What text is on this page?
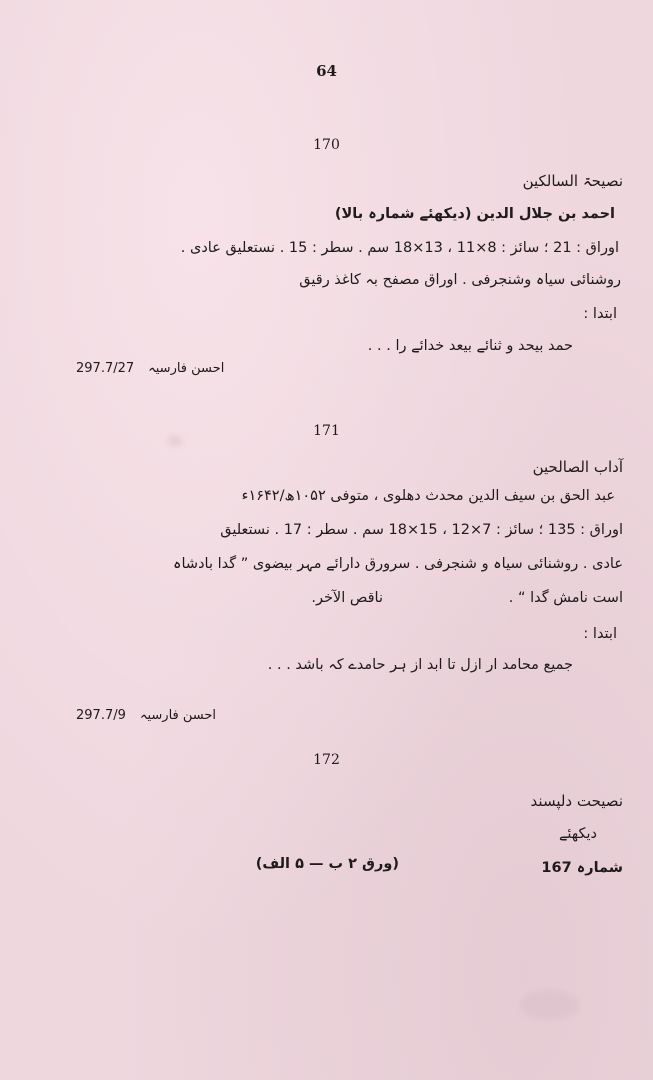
64
170
نصیحۃ السالکین
احمد بن جلال الدین (دیکھئے شمارہ بالا)
اوراق : 21 ؛ سائز : 8×11 ، 13×18 سم . سطر : 15 . نستعلیق عادی .
روشنائی سیاہ وشنجرفی . اوراق مصفح بہ کاغذ رقیق
ابتدا :
حمد بیحد و ثنائے بیعد خدائے را . . .
297.7/27 احسن فارسیہ
171
آداب الصالحین
عبد الحق بن سیف الدین محدث دھلوی ، متوفی ۱۰۵۲ھ/۱۶۴۲ء
اوراق : 135 ؛ سائز : 7×12 ، 15×18 سم . سطر : 17 . نستعلیق
عادی . روشنائی سیاہ و شنجرفی . سرورق دارائے مہر بیضوی ” گدا بادشاہ
است نامش گدا “ .
ناقص الآخر.
ابتدا :
جمیع محامد ار ازل تا ابد از ہر حامدے کہ باشد . . .
297.7/9 احسن فارسیہ
172
نصیحت دلپسند
دیکھئے
شمارہ 167
(ورق ۲ ب — ۵ الف)
